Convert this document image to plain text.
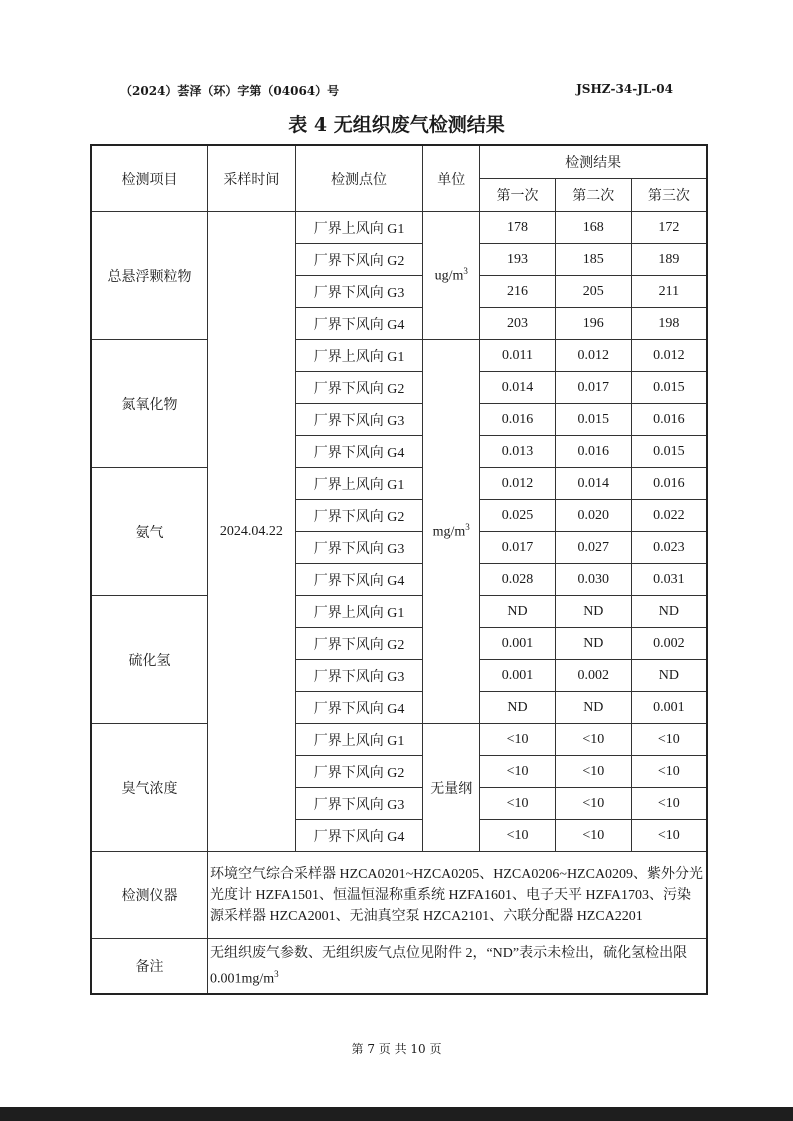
（2024）荟泽（环）字第（04064）号	JSHZ-34-JL-04
表 4 无组织废气检测结果
检测项目	采样时间	检测点位	单位	检测结果		
				第一次	第二次	第三次
总悬浮颗粒物	2024.04.22	厂界上风向 G1	$ug/m^3$	178	168	172
		厂界下风向 G2		193	185	189
		厂界下风向 G3		216	205	211
		厂界下风向 G4		203	196	198
氮氧化物		厂界上风向 G1	$mg/m^3$	0.011	0.012	0.012
		厂界下风向 G2		0.014	0.017	0.015
		厂界下风向 G3		0.016	0.015	0.016
		厂界下风向 G4		0.013	0.016	0.015
氨气		厂界上风向 G1		0.012	0.014	0.016
		厂界下风向 G2		0.025	0.020	0.022
		厂界下风向 G3		0.017	0.027	0.023
		厂界下风向 G4		0.028	0.030	0.031
硫化氢		厂界上风向 G1		ND	ND	ND
		厂界下风向 G2		0.001	ND	0.002
		厂界下风向 G3		0.001	0.002	ND
		厂界下风向 G4		ND	ND	0.001
臭气浓度		厂界上风向 G1	无量纲	<10	<10	<10
		厂界下风向 G2		<10	<10	<10
		厂界下风向 G3		<10	<10	<10
		厂界下风向 G4		<10	<10	<10
检测仪器	环境空气综合采样器 HZCA0201~HZCA0205、HZCA0206~HZCA0209、紫外分光光度计 HZFA1501、恒温恒湿称重系统 HZFA1601、电子天平 HZFA1703、污染源采样器 HZCA2001、无油真空泵 HZCA2101、六联分配器 HZCA2201					
备注	无组织废气参数、无组织废气点位见附件 2，“ND”表示未检出，硫化氢检出限 $0.001mg/m^3$
第 7 页 共 10 页
